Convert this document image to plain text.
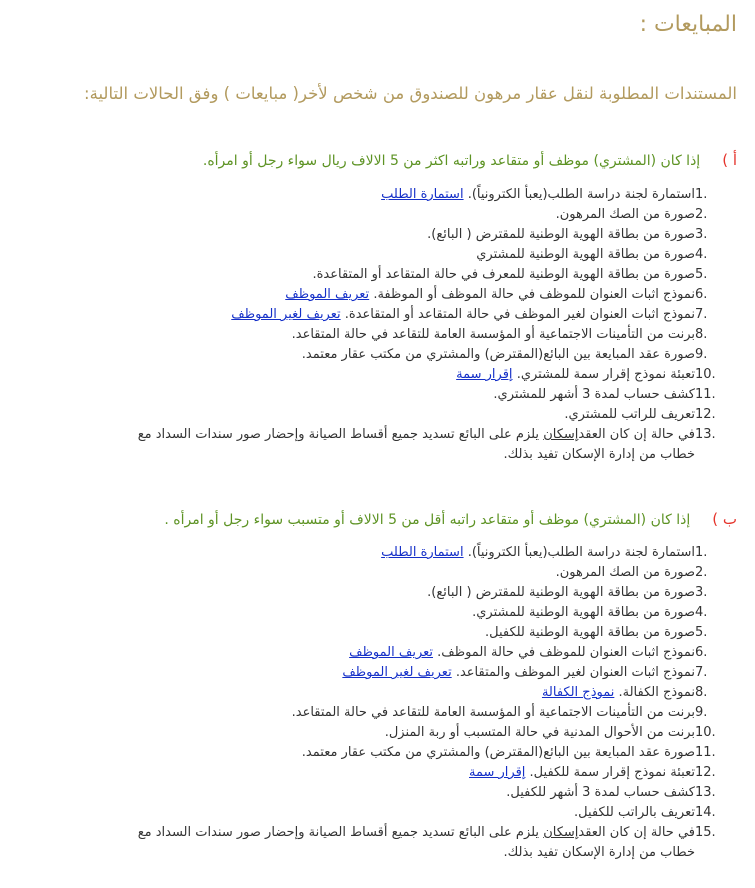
المبايعات :
المستندات المطلوبة لنقل عقار مرهون للصندوق من شخص لأخر( مبايعات ) وفق الحالات التالية:
أ )إذا كان (المشتري) موظف أو متقاعد وراتبه اكثر من 5 الالاف ريال سواء رجل أو امرأه.
1.
استمارة لجنة دراسة الطلب(يعبأ الكترونياً). استمارة الطلب
2.
صورة من الصك المرهون.
3.
صورة من بطاقة الهوية الوطنية للمقترض ( البائع).
4.
صورة من بطاقة الهوية الوطنية للمشتري
5.
صورة من بطاقة الهوية الوطنية للمعرف في حالة المتقاعد أو المتقاعدة.
6.
نموذج اثبات العنوان للموظف في حالة الموظف أو الموظفة. تعريف الموظف
7.
نموذج اثبات العنوان لغير الموظف في حالة المتقاعد أو المتقاعدة. تعريف لغير الموظف
8.
برنت من التأمينات الاجتماعية أو المؤسسة العامة للتقاعد في حالة المتقاعد.
9.
صورة عقد المبايعة بين البائع(المقترض) والمشتري من مكتب عقار معتمد.
10.
تعبئة نموذج إقرار سمة للمشتري. إقرار سمة
11.
كشف حساب لمدة 3 أشهر للمشتري.
12.
تعريف للراتب للمشتري.
13.
في حالة إن كان العقدإسكان يلزم على البائع تسديد جميع أقساط الصيانة وإحضار صور سندات السداد مع
خطاب من إدارة الإسكان تفيد بذلك.
ب )إذا كان (المشتري) موظف أو متقاعد راتبه أقل من 5 الالاف أو متسبب سواء رجل أو امرأه .
1.
استمارة لجنة دراسة الطلب(يعبأ الكترونياً). استمارة الطلب
2.
صورة من الصك المرهون.
3.
صورة من بطاقة الهوية الوطنية للمقترض ( البائع).
4.
صورة من بطاقة الهوية الوطنية للمشتري.
5.
صورة من بطاقة الهوية الوطنية للكفيل.
6.
نموذج اثبات العنوان للموظف في حالة الموظف. تعريف الموظف
7.
نموذج اثبات العنوان لغير الموظف والمتقاعد. تعريف لغير الموظف
8.
نموذج الكفالة. نموذج الكفالة
9.
برنت من التأمينات الاجتماعية أو المؤسسة العامة للتقاعد في حالة المتقاعد.
10.
برنت من الأحوال المدنية في حالة المتسبب أو ربة المنزل.
11.
صورة عقد المبايعة بين البائع(المقترض) والمشتري من مكتب عقار معتمد.
12.
تعبئة نموذج إقرار سمة للكفيل. إقرار سمة
13.
كشف حساب لمدة 3 أشهر للكفيل.
14.
تعريف بالراتب للكفيل.
15.
في حالة إن كان العقدإسكان يلزم على البائع تسديد جميع أقساط الصيانة وإحضار صور سندات السداد مع
خطاب من إدارة الإسكان تفيد بذلك.
